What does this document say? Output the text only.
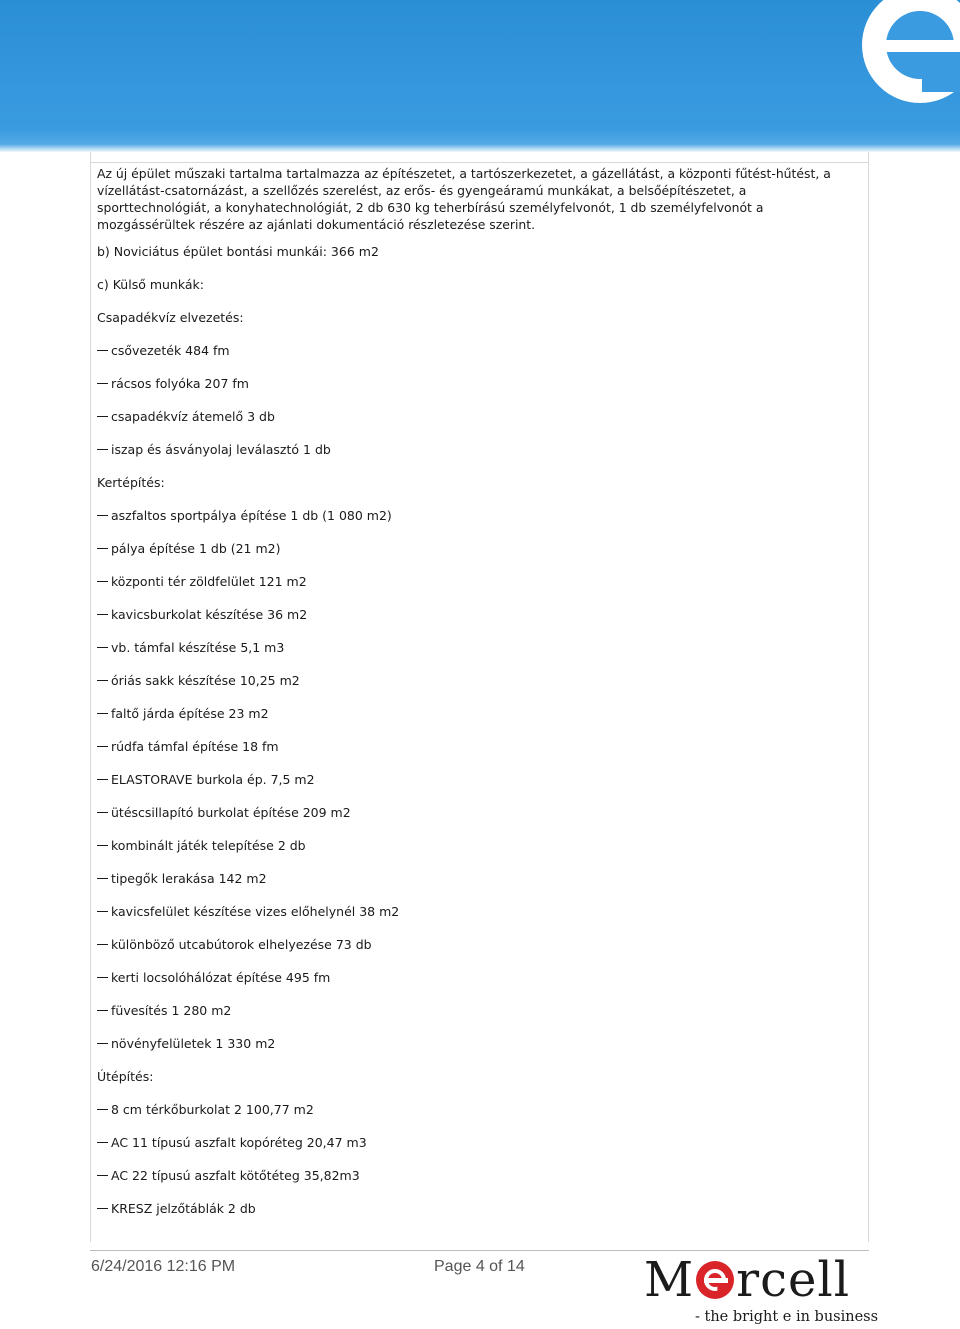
Az új épület műszaki tartalma tartalmazza az építészetet, a tartószerkezetet, a gázellátást, a központi fűtést-hűtést, a vízellátást-csatornázást, a szellőzés szerelést, az erős- és gyengeáramú munkákat, a belsőépítészetet, a sporttechnológiát, a konyhatechnológiát, 2 db 630 kg teherbírású személyfelvonót, 1 db személyfelvonót a mozgássérültek részére az ajánlati dokumentáció részletezése szerint.

b) Noviciátus épület bontási munkái: 366 m2
c) Külső munkák:
Csapadékvíz elvezetés:
csővezeték 484 fm
rácsos folyóka 207 fm
csapadékvíz átemelő 3 db
iszap és ásványolaj leválasztó 1 db
Kertépítés:
aszfaltos sportpálya építése 1 db (1 080 m2)
pálya építése 1 db (21 m2)
központi tér zöldfelület 121 m2
kavicsburkolat készítése 36 m2
vb. támfal készítése 5,1 m3
óriás sakk készítése 10,25 m2
faltő járda építése 23 m2
rúdfa támfal építése 18 fm
ELASTORAVE burkola ép. 7,5 m2
ütéscsillapító burkolat építése 209 m2
kombinált játék telepítése 2 db
tipegők lerakása 142 m2
kavicsfelület készítése vizes előhelynél 38 m2
különböző utcabútorok elhelyezése 73 db
kerti locsolóhálózat építése 495 fm
füvesítés 1 280 m2
növényfelületek 1 330 m2
Útépítés:
8 cm térkőburkolat 2 100,77 m2
AC 11 típusú aszfalt kopóréteg 20,47 m3
AC 22 típusú aszfalt kötőtéteg 35,82m3
KRESZ jelzőtáblák 2 db
6/24/2016 12:16 PM	Page 4 of 14 M rcell
- the bright e in business
